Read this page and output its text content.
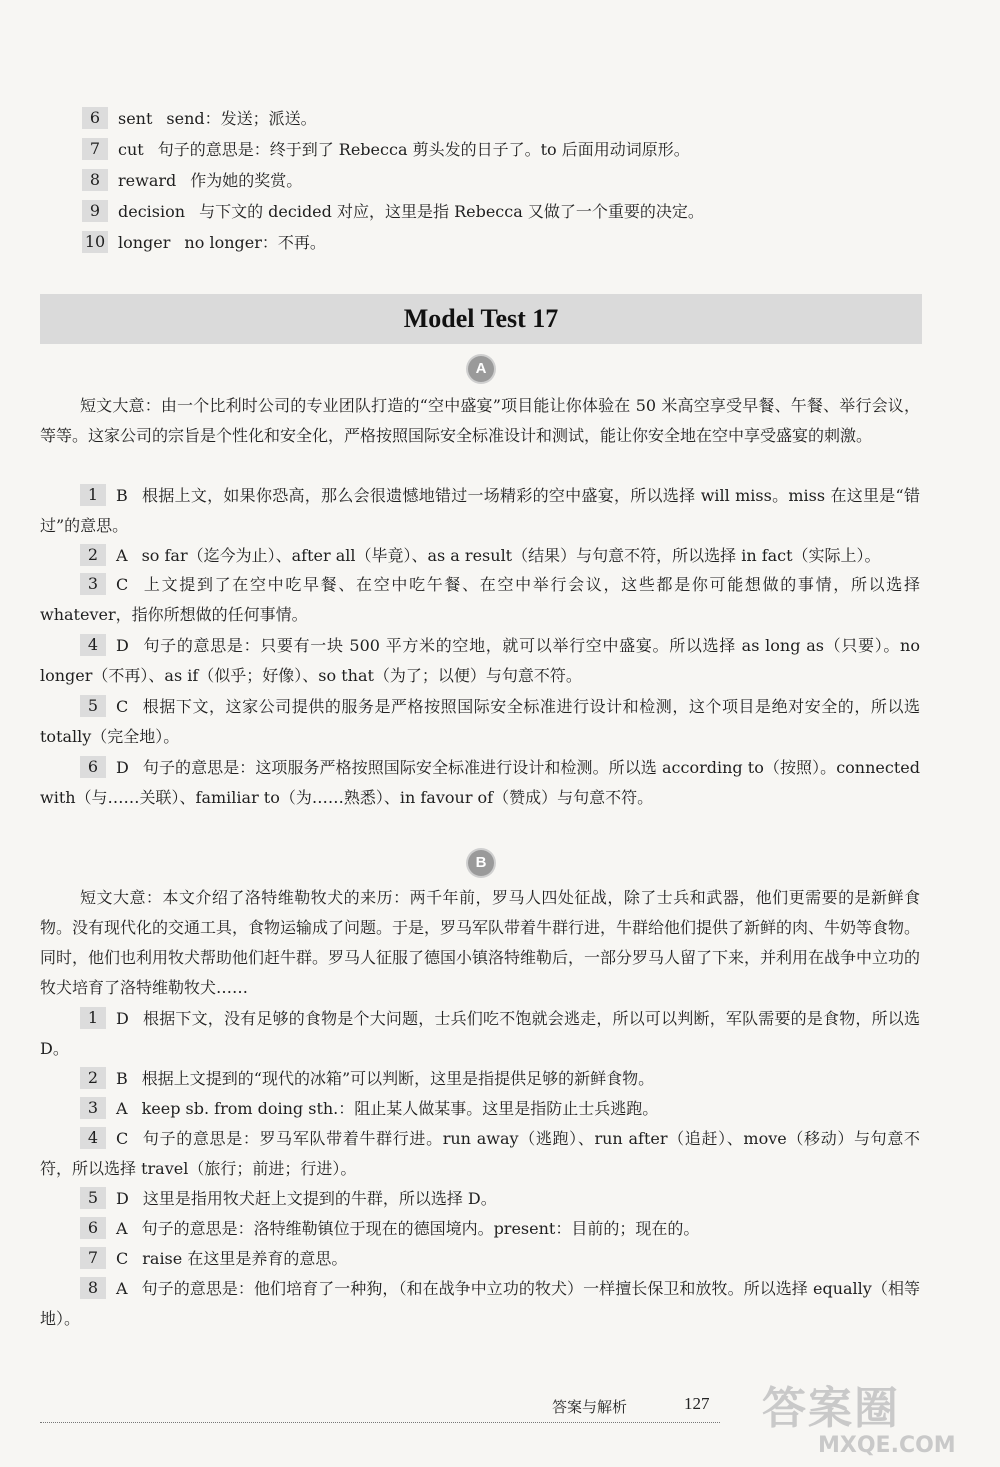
6 sent send：发送；派送。
7 cut 句子的意思是：终于到了 Rebecca 剪头发的日子了。to 后面用动词原形。
8 reward 作为她的奖赏。
9 decision 与下文的 decided 对应，这里是指 Rebecca 又做了一个重要的决定。
10 longer no longer：不再。
Model Test 17
A
短文大意：由一个比利时公司的专业团队打造的“空中盛宴”项目能让你体验在 50 米高空享受早餐、午餐、举行会议，等等。这家公司的宗旨是个性化和安全化，严格按照国际安全标准设计和测试，能让你安全地在空中享受盛宴的刺激。
1 B 根据上文，如果你恐高，那么会很遗憾地错过一场精彩的空中盛宴，所以选择 will miss。miss 在这里是“错过”的意思。
2 A so far（迄今为止）、after all（毕竟）、as a result（结果）与句意不符，所以选择 in fact（实际上）。
3 C 上文提到了在空中吃早餐、在空中吃午餐、在空中举行会议，这些都是你可能想做的事情，所以选择 whatever，指你所想做的任何事情。
4 D 句子的意思是：只要有一块 500 平方米的空地，就可以举行空中盛宴。所以选择 as long as（只要）。no longer（不再）、as if（似乎；好像）、so that（为了；以便）与句意不符。
5 C 根据下文，这家公司提供的服务是严格按照国际安全标准进行设计和检测，这个项目是绝对安全的，所以选 totally（完全地）。
6 D 句子的意思是：这项服务严格按照国际安全标准进行设计和检测。所以选 according to（按照）。connected with（与……关联）、familiar to（为……熟悉）、in favour of（赞成）与句意不符。
B
短文大意：本文介绍了洛特维勒牧犬的来历：两千年前，罗马人四处征战，除了士兵和武器，他们更需要的是新鲜食物。没有现代化的交通工具，食物运输成了问题。于是，罗马军队带着牛群行进，牛群给他们提供了新鲜的肉、牛奶等食物。同时，他们也利用牧犬帮助他们赶牛群。罗马人征服了德国小镇洛特维勒后，一部分罗马人留了下来，并利用在战争中立功的牧犬培育了洛特维勒牧犬……
1 D 根据下文，没有足够的食物是个大问题，士兵们吃不饱就会逃走，所以可以判断，军队需要的是食物，所以选 D。
2 B 根据上文提到的“现代的冰箱”可以判断，这里是指提供足够的新鲜食物。
3 A keep sb. from doing sth.：阻止某人做某事。这里是指防止士兵逃跑。
4 C 句子的意思是：罗马军队带着牛群行进。run away（逃跑）、run after（追赶）、move（移动）与句意不符，所以选择 travel（旅行；前进；行进）。
5 D 这里是指用牧犬赶上文提到的牛群，所以选择 D。
6 A 句子的意思是：洛特维勒镇位于现在的德国境内。present：目前的；现在的。
7 C raise 在这里是养育的意思。
8 A 句子的意思是：他们培育了一种狗，（和在战争中立功的牧犬）一样擅长保卫和放牧。所以选择 equally（相等地）。
答案与解析	127 答案圈
MXQE.COM
